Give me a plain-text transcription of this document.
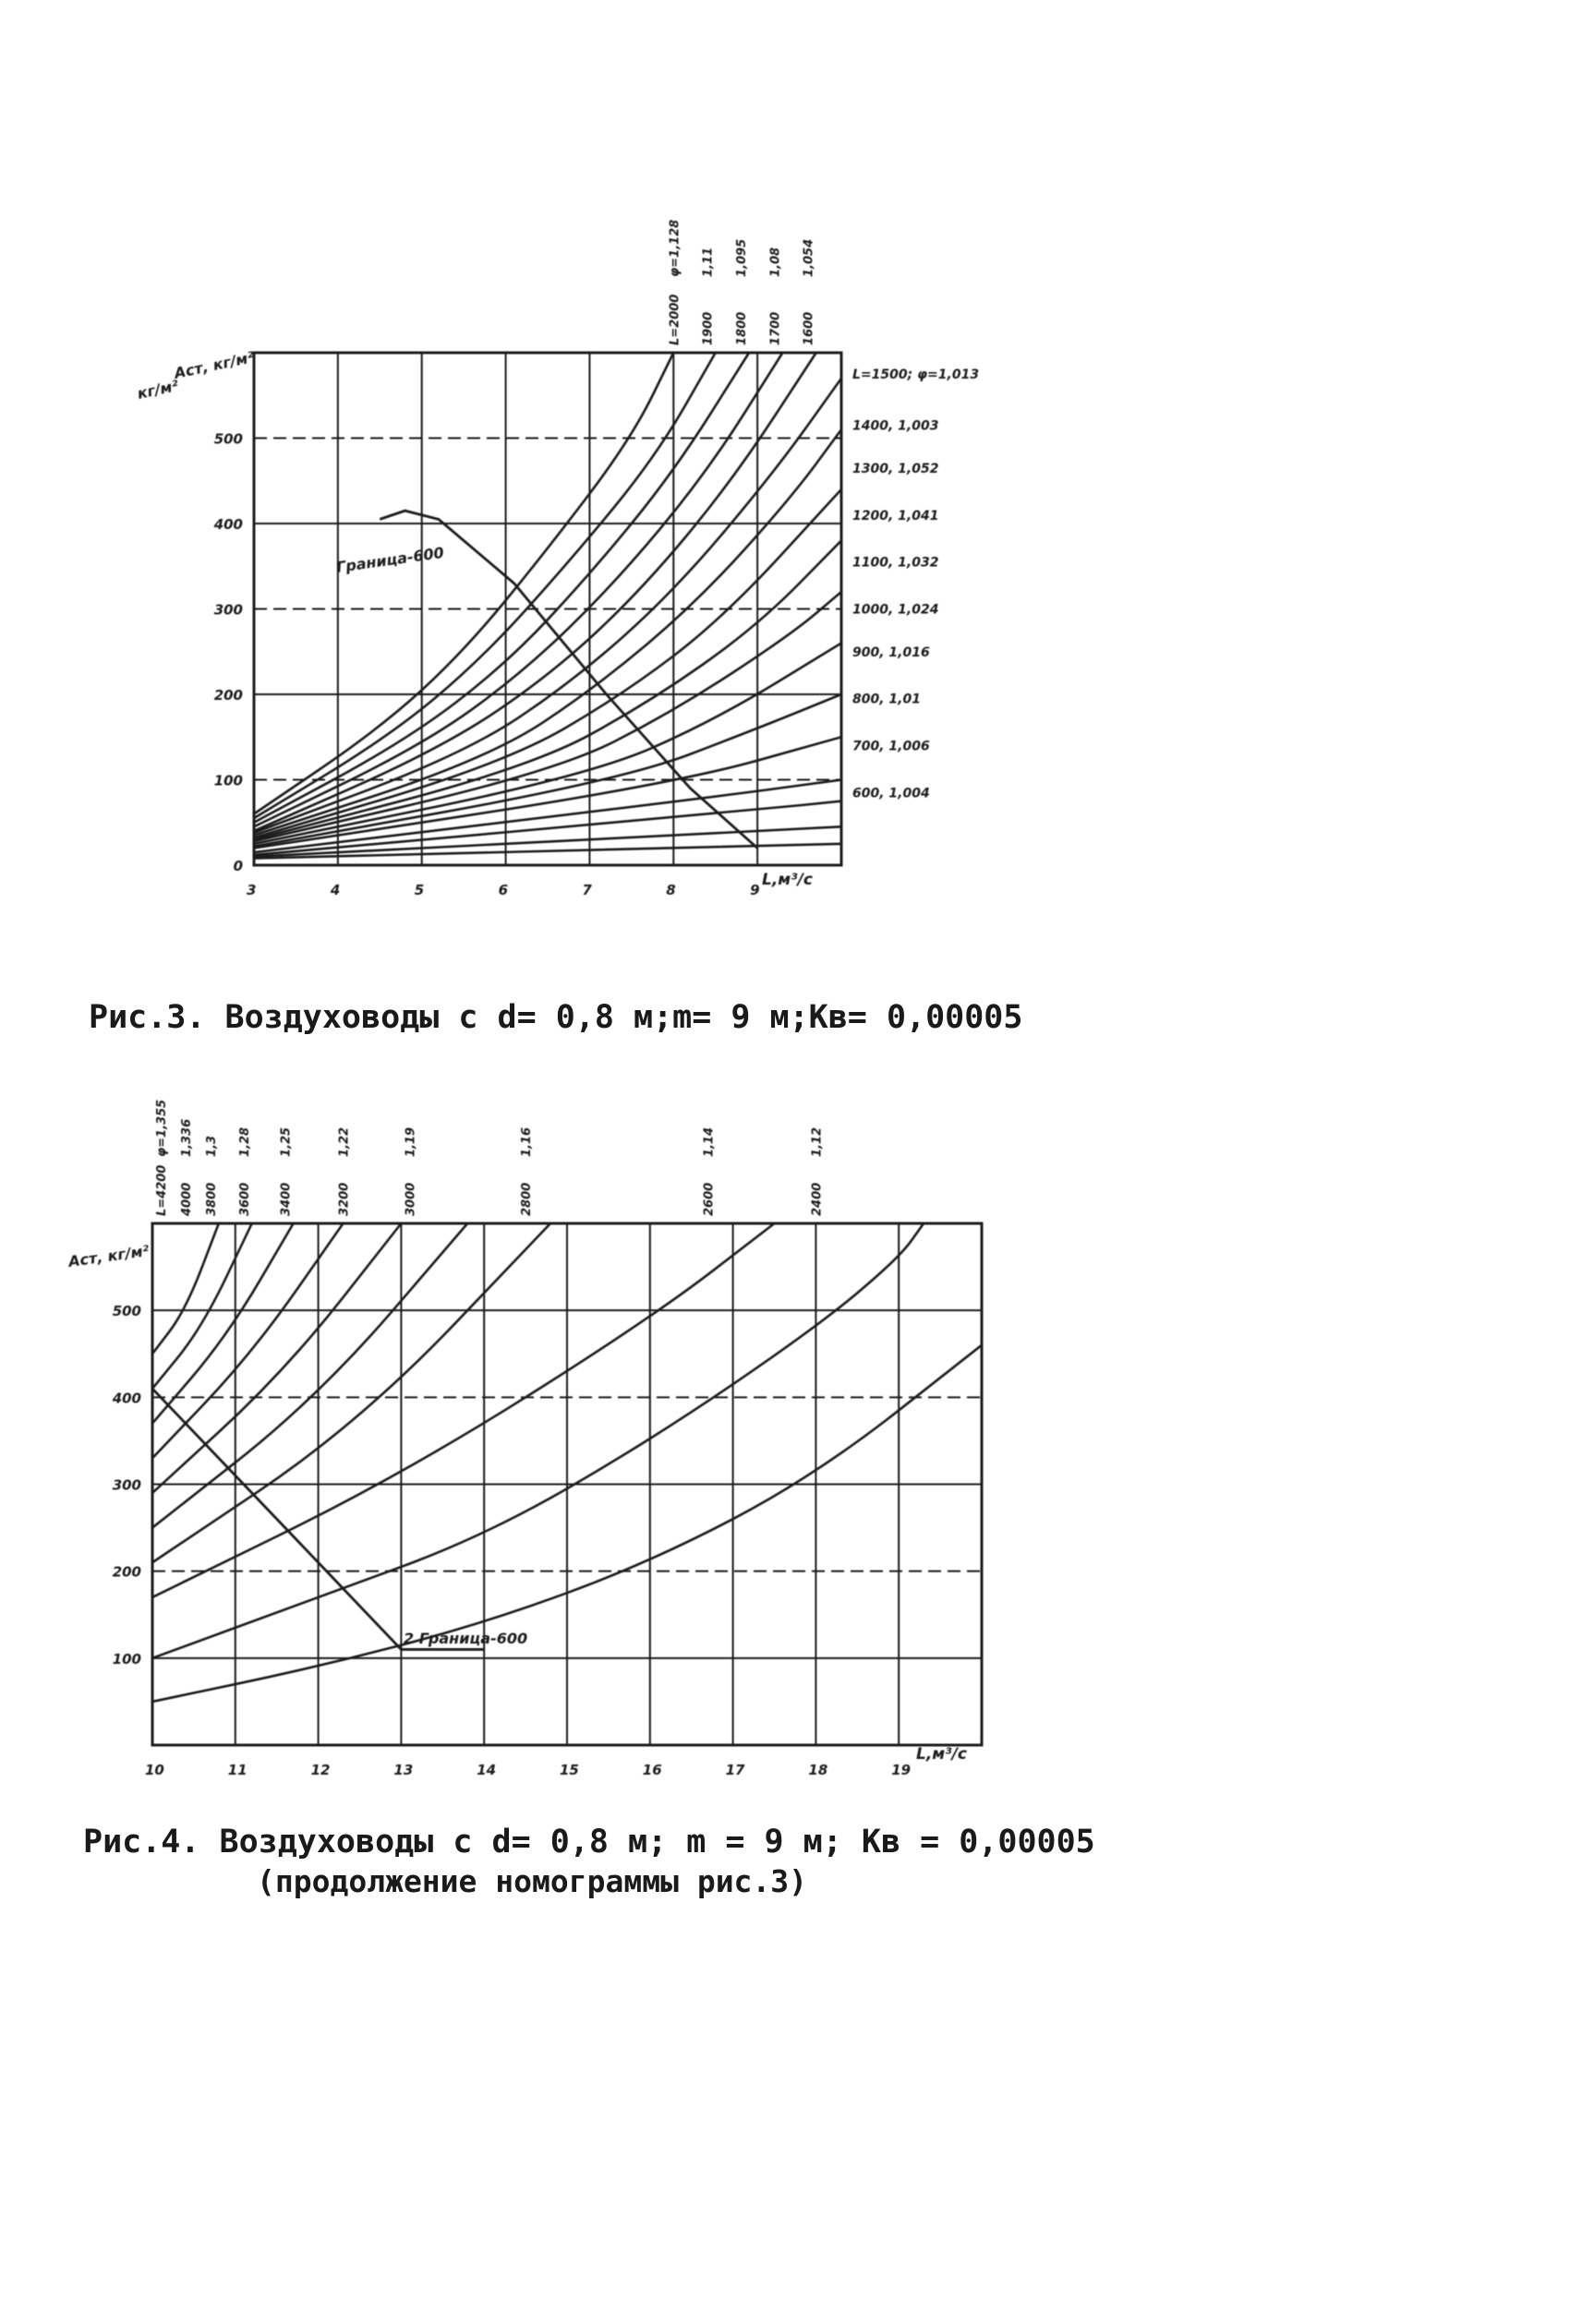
3	4	5	6	7	8	9
0
100
200
300
400
500
L=2000
φ=1,128
1900
1,11
1800
1,095
1700
1,08
1600
1,054
L=1500; φ=1,013
1400, 1,003
1300, 1,052
1200, 1,041
1100, 1,032
1000, 1,024
900, 1,016
800, 1,01
700, 1,006
600, 1,004
Aст, кг/м²
кг/м²
L,м³/с
Граница-600
10	11	12	13	14	15	16	17	18	19
100
200
300
400
500
L=4200
φ=1,355
4000
1,336
3800
1,3
3600
1,28
3400
1,25
3200
1,22
3000
1,19
2800
1,16
2600
1,14
2400
1,12
Aст, кг/м²
L,м³/с
2 Граница-600
Рис.3. Воздуховоды с d= 0,8 м;m= 9 м;Kв= 0,00005
Рис.4. Воздуховоды с d= 0,8 м; m = 9 м; Kв = 0,00005
(продолжение номограммы рис.3)
